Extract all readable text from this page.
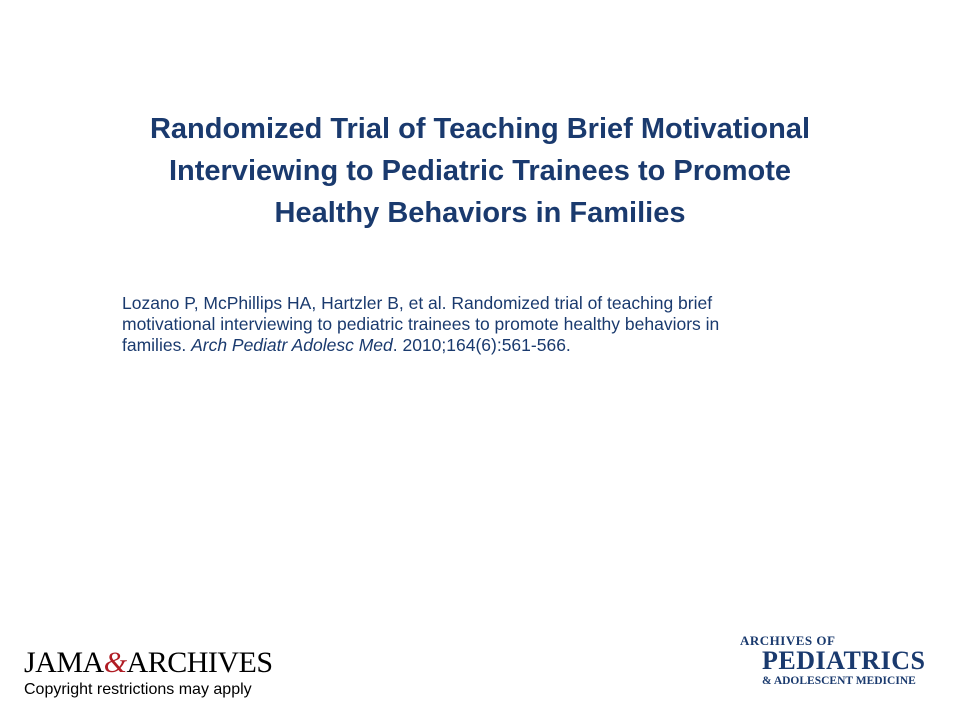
Randomized Trial of Teaching Brief Motivational
Interviewing to Pediatric Trainees to Promote
Healthy Behaviors in Families
Lozano P, McPhillips HA, Hartzler B, et al. Randomized trial of teaching brief
motivational interviewing to pediatric trainees to promote healthy behaviors in
families. Arch Pediatr Adolesc Med. 2010;164(6):561-566.
JAMA&ARCHIVES
Copyright restrictions may apply
ARCHIVES OF
PEDIATRICS
& ADOLESCENT MEDICINE
